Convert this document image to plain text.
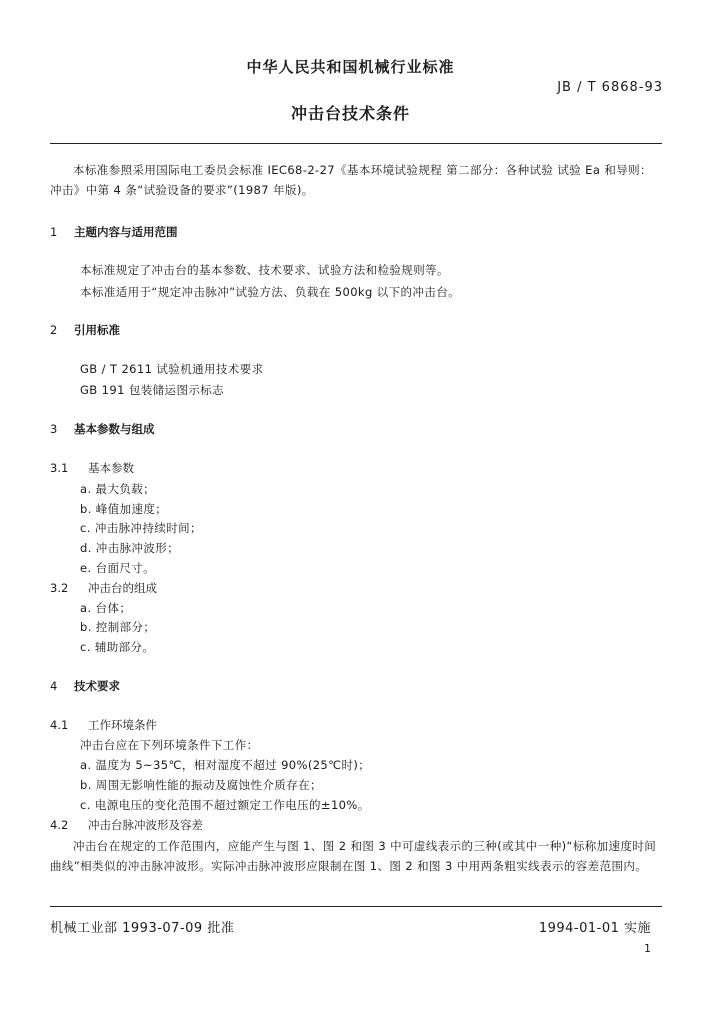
中华人民共和国机械行业标准
JB / T 6868-93
冲击台技术条件
本标准参照采用国际电工委员会标准 IEC68-2-27《基本环境试验规程 第二部分：各种试验 试验 Ea 和导则：冲击》中第 4 条“试验设备的要求”(1987 年版)。
1 主题内容与适用范围
本标准规定了冲击台的基本参数、技术要求、试验方法和检验规则等。
本标准适用于“规定冲击脉冲”试验方法、负载在 500kg 以下的冲击台。
2 引用标准
GB / T 2611 试验机通用技术要求
GB 191 包装储运图示标志
3 基本参数与组成
3.1 基本参数
a. 最大负载；
b. 峰值加速度；
c. 冲击脉冲持续时间；
d. 冲击脉冲波形；
e. 台面尺寸。
3.2 冲击台的组成
a. 台体；
b. 控制部分；
c. 辅助部分。
4 技术要求
4.1 工作环境条件
冲击台应在下列环境条件下工作：
a. 温度为 5~35℃，相对湿度不超过 90%(25℃时)；
b. 周围无影响性能的振动及腐蚀性介质存在；
c. 电源电压的变化范围不超过额定工作电压的±10%。
4.2 冲击台脉冲波形及容差
冲击台在规定的工作范围内，应能产生与图 1、图 2 和图 3 中可虚线表示的三种(或其中一种)“标称加速度时间曲线”相类似的冲击脉冲波形。实际冲击脉冲波形应限制在图 1、图 2 和图 3 中用两条粗实线表示的容差范围内。
机械工业部 1993-07-09 批准	1994-01-01 实施
1
